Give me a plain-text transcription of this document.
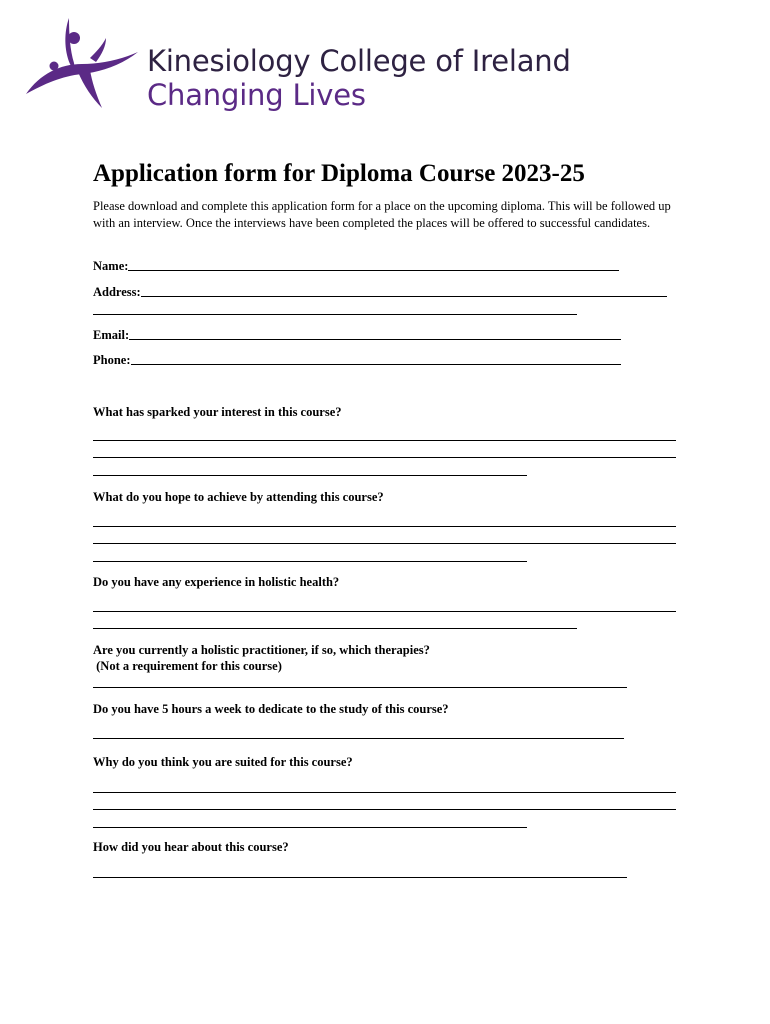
Kinesiology College of Ireland
Changing Lives
Application form for Diploma Course 2023-25

Please download and complete this application form for a place on the upcoming diploma. This will be followed up with an interview. Once the interviews have been completed the places will be offered to successful candidates.

Name:
Address:
Email:
Phone:

What has sparked your interest in this course?

What do you hope to achieve by attending this course?

Do you have any experience in holistic health?

Are you currently a holistic practitioner, if so, which therapies?

(Not a requirement for this course)

Do you have 5 hours a week to dedicate to the study of this course?

Why do you think you are suited for this course?

How did you hear about this course?
